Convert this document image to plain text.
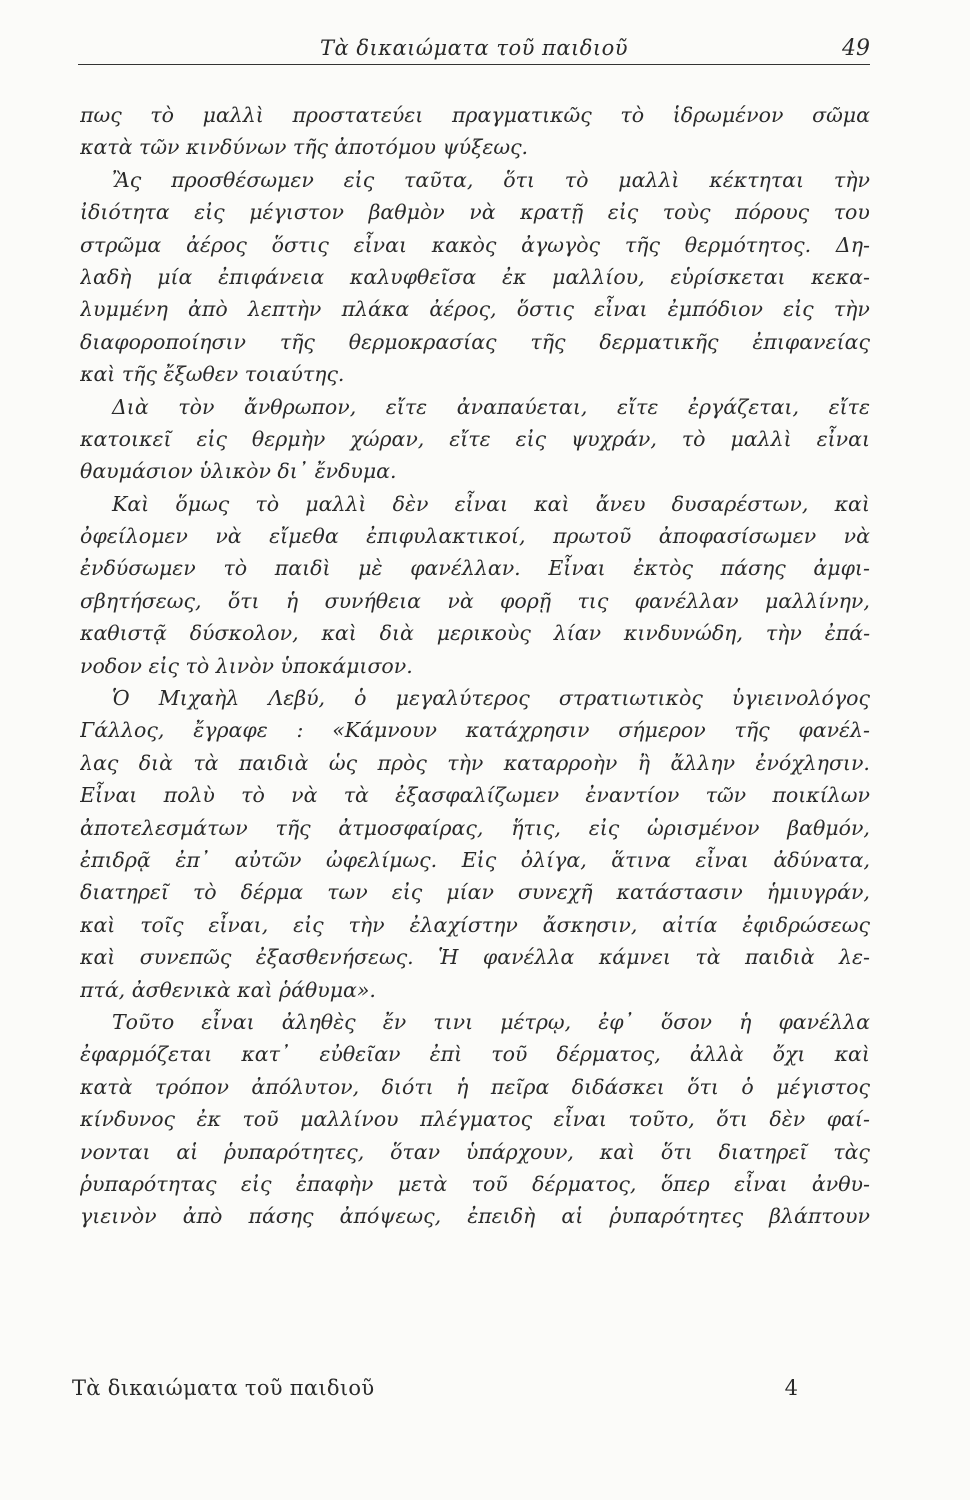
Τὰ δικαιώματα τοῦ παιδιοῦ	49
πως τὸ μαλλὶ προστατεύει πραγματικῶς τὸ ἱδρωμένον σῶμα
κατὰ τῶν κινδύνων τῆς ἀποτόμου ψύξεως.
Ἂς προσθέσωμεν εἰς ταῦτα, ὅτι τὸ μαλλὶ κέκτηται τὴν
ἰδιότητα εἰς μέγιστον βαθμὸν νὰ κρατῇ εἰς τοὺς πόρους του
στρῶμα ἀέρος ὅστις εἶναι κακὸς ἀγωγὸς τῆς θερμότητος. Δη-
λαδὴ μία ἐπιφάνεια καλυφθεῖσα ἐκ μαλλίου, εὑρίσκεται κεκα-
λυμμένη ἀπὸ λεπτὴν πλάκα ἀέρος, ὅστις εἶναι ἐμπόδιον εἰς τὴν
διαφοροποίησιν τῆς θερμοκρασίας τῆς δερματικῆς ἐπιφανείας
καὶ τῆς ἔξωθεν τοιαύτης.
Διὰ τὸν ἄνθρωπον, εἴτε ἀναπαύεται, εἴτε ἐργάζεται, εἴτε
κατοικεῖ εἰς θερμὴν χώραν, εἴτε εἰς ψυχράν, τὸ μαλλὶ εἶναι
θαυμάσιον ὑλικὸν δι᾽ ἔνδυμα.
Καὶ ὅμως τὸ μαλλὶ δὲν εἶναι καὶ ἄνευ δυσαρέστων, καὶ
ὀφείλομεν νὰ εἴμεθα ἐπιφυλακτικοί, πρωτοῦ ἀποφασίσωμεν νὰ
ἐνδύσωμεν τὸ παιδὶ μὲ φανέλλαν. Εἶναι ἐκτὸς πάσης ἀμφι-
σβητήσεως, ὅτι ἡ συνήθεια νὰ φορῇ τις φανέλλαν μαλλίνην,
καθιστᾷ δύσκολον, καὶ διὰ μερικοὺς λίαν κινδυνώδη, τὴν ἐπά-
νοδον εἰς τὸ λινὸν ὑποκάμισον.
Ὁ Μιχαὴλ Λεβύ, ὁ μεγαλύτερος στρατιωτικὸς ὑγιεινολόγος
Γάλλος, ἔγραφε : «Κάμνουν κατάχρησιν σήμερον τῆς φανέλ-
λας διὰ τὰ παιδιὰ ὡς πρὸς τὴν καταρροὴν ἢ ἄλλην ἐνόχλησιν.
Εἶναι πολὺ τὸ νὰ τὰ ἐξασφαλίζωμεν ἐναντίον τῶν ποικίλων
ἀποτελεσμάτων τῆς ἀτμοσφαίρας, ἥτις, εἰς ὡρισμένον βαθμόν,
ἐπιδρᾷ ἐπ᾽ αὐτῶν ὠφελίμως. Εἰς ὀλίγα, ἅτινα εἶναι ἀδύνατα,
διατηρεῖ τὸ δέρμα των εἰς μίαν συνεχῆ κατάστασιν ἡμιυγράν,
καὶ τοῖς εἶναι, εἰς τὴν ἐλαχίστην ἄσκησιν, αἰτία ἐφιδρώσεως
καὶ συνεπῶς ἐξασθενήσεως. Ἡ φανέλλα κάμνει τὰ παιδιὰ λε-
πτά, ἀσθενικὰ καὶ ῥάθυμα».
Τοῦτο εἶναι ἀληθὲς ἔν τινι μέτρῳ, ἐφ᾽ ὅσον ἡ φανέλλα
ἐφαρμόζεται κατ᾽ εὐθεῖαν ἐπὶ τοῦ δέρματος, ἀλλὰ ὄχι καὶ
κατὰ τρόπον ἀπόλυτον, διότι ἡ πεῖρα διδάσκει ὅτι ὁ μέγιστος
κίνδυνος ἐκ τοῦ μαλλίνου πλέγματος εἶναι τοῦτο, ὅτι δὲν φαί-
νονται αἱ ῥυπαρότητες, ὅταν ὑπάρχουν, καὶ ὅτι διατηρεῖ τὰς
ῥυπαρότητας εἰς ἐπαφὴν μετὰ τοῦ δέρματος, ὅπερ εἶναι ἀνθυ-
γιεινὸν ἀπὸ πάσης ἀπόψεως, ἐπειδὴ αἱ ῥυπαρότητες βλάπτουν
Τὰ δικαιώματα τοῦ παιδιοῦ	4
